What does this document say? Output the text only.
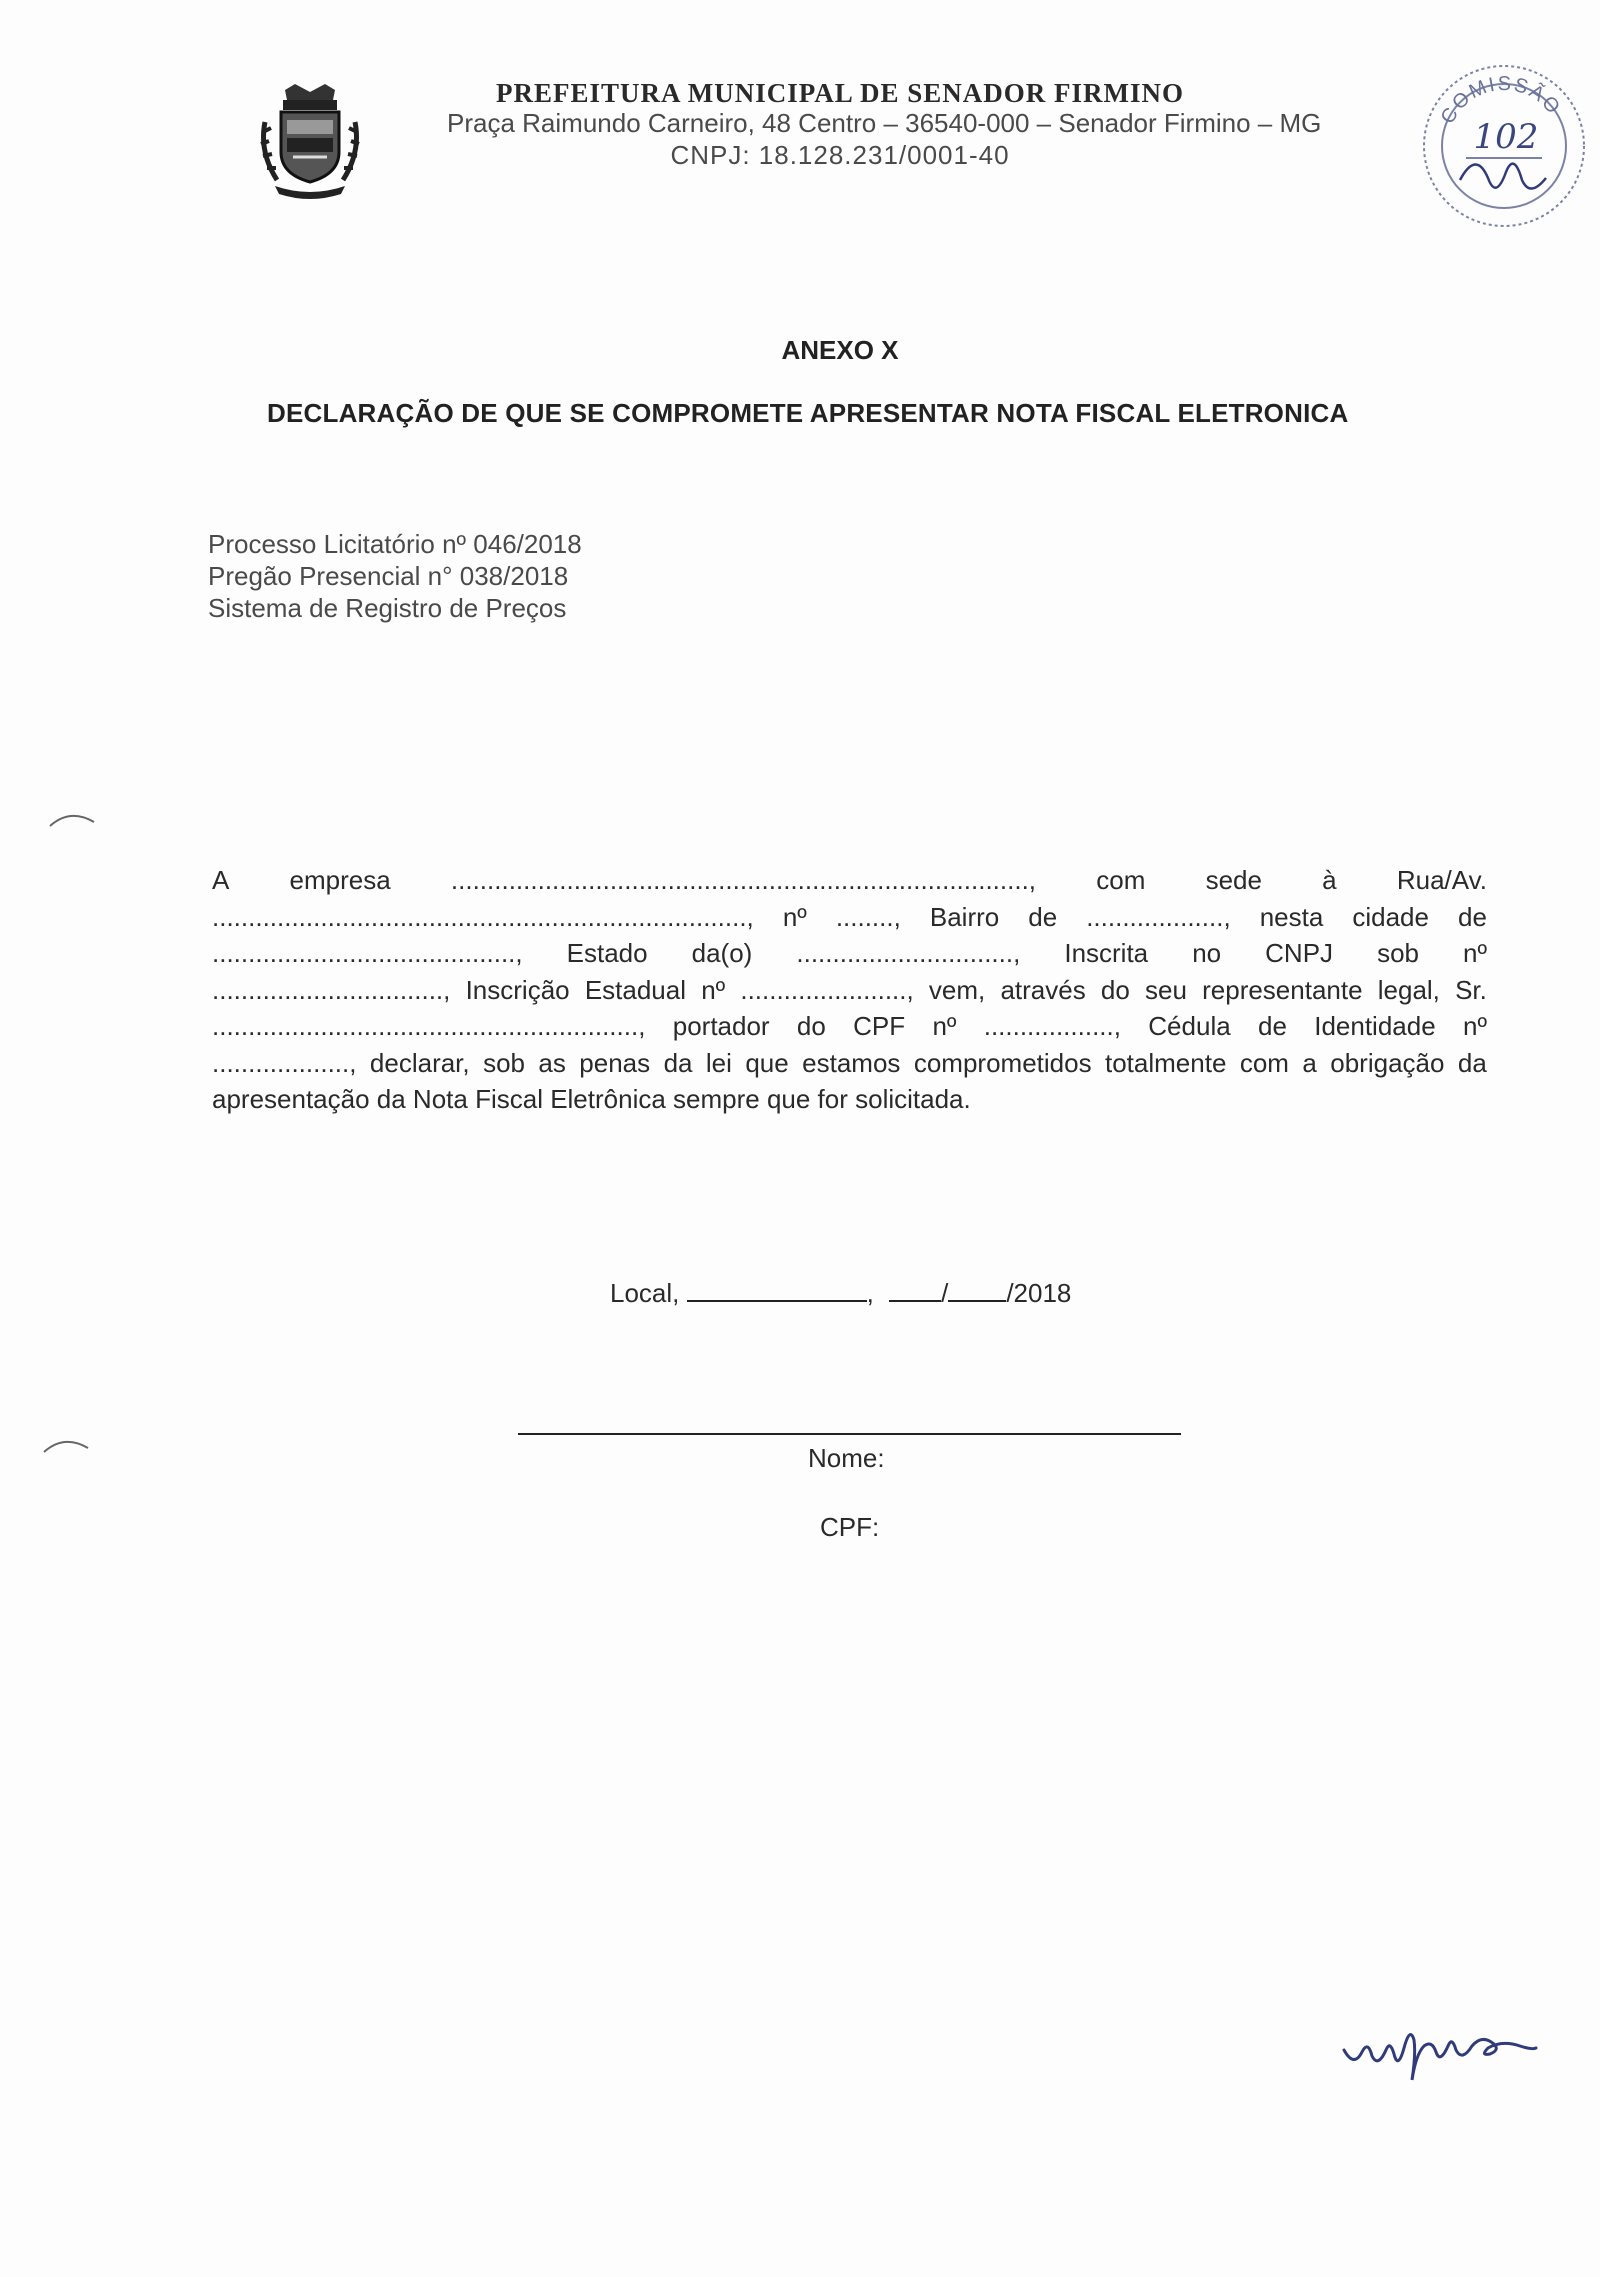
PREFEITURA MUNICIPAL DE SENADOR FIRMINO
Praça Raimundo Carneiro, 48 Centro – 36540-000 – Senador Firmino – MG
CNPJ: 18.128.231/0001-40
COMISSÃO
102
ANEXO X
DECLARAÇÃO DE QUE SE COMPROMETE APRESENTAR NOTA FISCAL ELETRONICA
Processo Licitatório nº 046/2018
Pregão Presencial n° 038/2018
Sistema de Registro de Preços
A empresa ................................................................................, com sede à Rua/Av.
.........................................................................., nº ........, Bairro de ..................., nesta cidade de
.........................................., Estado da(o) .............................., Inscrita no CNPJ sob nº
................................, Inscrição Estadual nº ......................., vem, através do seu representante legal, Sr.
..........................................................., portador do CPF nº .................., Cédula de Identidade nº
..................., declarar, sob as penas da lei que estamos comprometidos totalmente com a obrigação da
apresentação da Nota Fiscal Eletrônica sempre que for solicitada.
Local,	,	/ /2018
Nome:
CPF:
